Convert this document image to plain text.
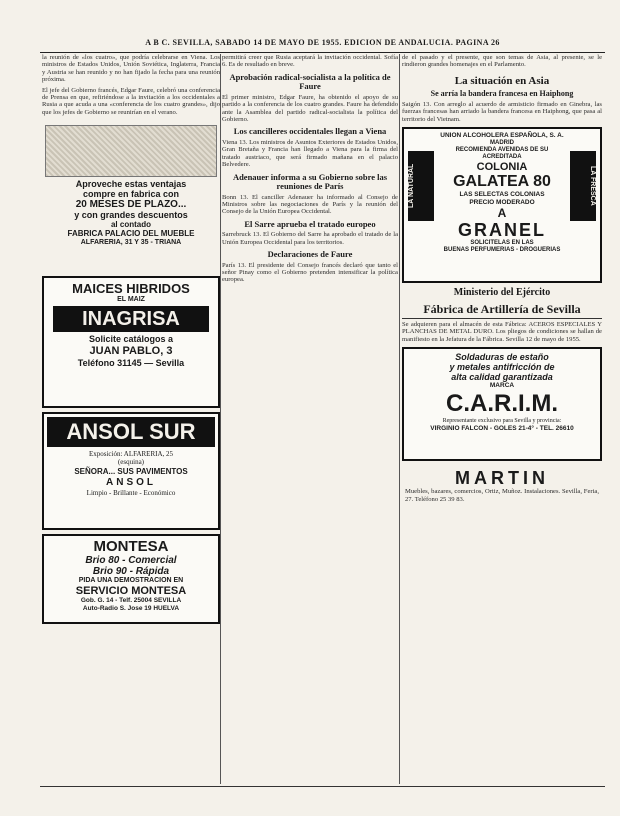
A B C. SEVILLA, SABADO 14 DE MAYO DE 1955. EDICION DE ANDALUCIA. PAGINA 26

la reunión de «los cuatro», que podría celebrarse en Viena. Los ministros de Estados Unidos, Unión Soviética, Inglaterra, Francia y Austria se han reunido y no han fijado la fecha para una reunión próxima.

El jefe del Gobierno francés, Edgar Faure, celebró una conferencia de Prensa en que, refiriéndose a la invitación a los occidentales a Rusia a que acuda a una «conferencia de los cuatro grandes», dijo que los jefes de Gobierno se reunirían en el verano.

Aproveche estas ventajas
compre en fabrica con
20 MESES DE PLAZO...
y con grandes descuentos
al contado
FABRICA PALACIO DEL MUEBLE
ALFARERIA, 31 Y 35 - TRIANA
MAICES HIBRIDOS
EL MAIZ
INAGRISA
Solicite catálogos a
JUAN PABLO, 3
Teléfono 31145 — Sevilla
ANSOL SUR
Exposición: ALFARERIA, 25
(esquina)
SEÑORA... SUS PAVIMENTOS
ANSOL
Limpio - Brillante - Económico
MONTESA
Brio 80 - Comercial
Brio 90 - Rápida
PIDA UNA DEMOSTRACION EN
SERVICIO MONTESA
Gob. G. 14 - Telf. 25004 SEVILLA
Auto-Radio S. Jose 19 HUELVA

permitirá creer que Rusia aceptará la invitación occidental. Sofía 6. Es de resultado en breve.

Aprobación radical-socialista a la política de Faure

El primer ministro, Edgar Faure, ha obtenido el apoyo de su partido a la conferencia de los cuatro grandes. Faure ha defendido ante la Asamblea del partido radical-socialista la política del Gobierno.

Los cancilleres occidentales llegan a Viena

Viena 13. Los ministros de Asuntos Exteriores de Estados Unidos, Gran Bretaña y Francia han llegado a Viena para la firma del tratado austriaco, que será firmado mañana en el palacio Belvedere.

Adenauer informa a su Gobierno sobre las reuniones de París

Bonn 13. El canciller Adenauer ha informado al Consejo de Ministros sobre las negociaciones de París y la reunión del Consejo de la Unión Europea Occidental.

El Sarre aprueba el tratado europeo

Sarrebruck 13. El Gobierno del Sarre ha aprobado el tratado de la Unión Europea Occidental para los territorios.

Declaraciones de Faure

París 13. El presidente del Consejo francés declaró que tanto el señor Pinay como el Gobierno pretenden intensificar la política europea.

de el pasado y el presente, que son temas de Asia, al presente, se le rindieron grandes homenajes en el Parlamento.

La situación en Asia
Se arría la bandera francesa en Haiphong

Saigón 13. Con arreglo al acuerdo de armisticio firmado en Ginebra, las fuerzas francesas han arriado la bandera francesa en Haiphong, que pasa al territorio del Vietnam.

UNION ALCOHOLERA ESPAÑOLA, S. A.
MADRID
RECOMIENDA AVENIDAS DE SU ACREDITADA
COLONIA
GALATEA 80
LAS SELECTAS COLONIAS
PRECIO MODERADO
A
GRANEL
SOLICITELAS EN LAS
BUENAS PERFUMERIAS - DROGUERIAS
LA NATURAL	LA FRESCA
Ministerio del Ejército
Fábrica de Artillería de Sevilla

Se adquieren para el almacén de esta Fábrica: ACEROS ESPECIALES Y PLANCHAS DE METAL DURO. Los pliegos de condiciones se hallan de manifiesto en la Jefatura de la Fábrica. Sevilla 12 de mayo de 1955.

Soldaduras de estaño
y metales antifricción de
alta calidad garantizada
MARCA
C.A.R.I.M.
Representante exclusivo para Sevilla y provincia:
VIRGINIO FALCON - GOLES 21-4° - TEL. 26610
MARTIN

Muebles, bazares, comercios, Ortiz, Muñoz. Instalaciones. Sevilla, Feria, 27. Teléfono 25 39 83.
